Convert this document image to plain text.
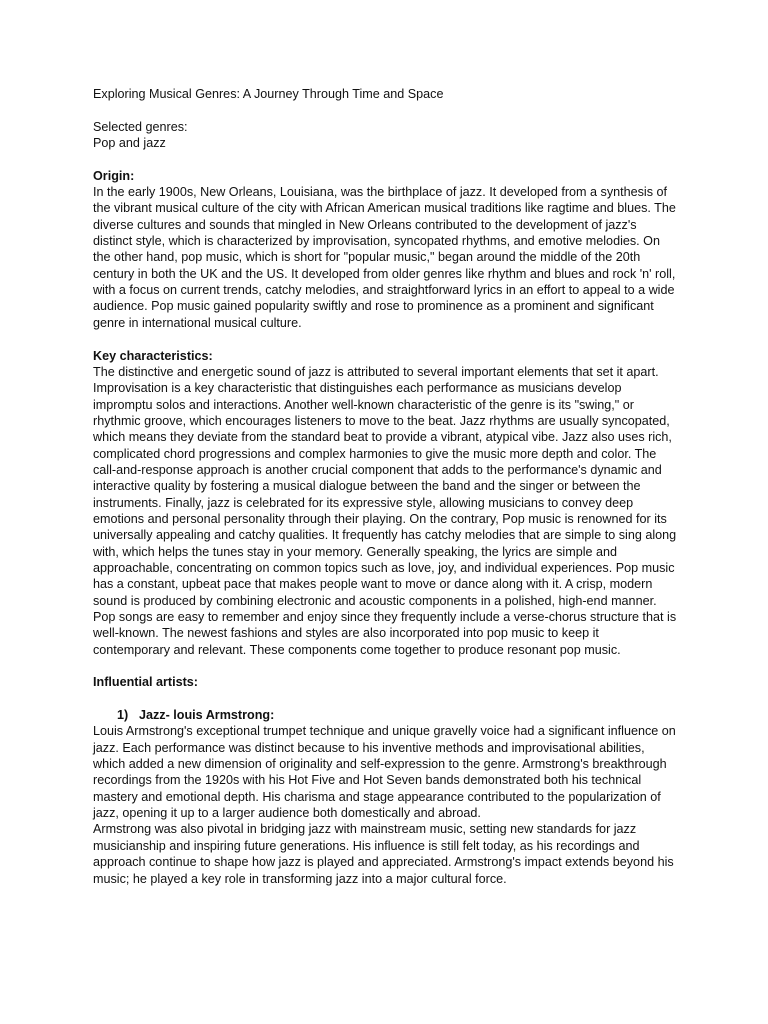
Exploring Musical Genres: A Journey Through Time and Space

Selected genres:

Pop and jazz

Origin:

In the early 1900s, New Orleans, Louisiana, was the birthplace of jazz. It developed from a synthesis of the vibrant musical culture of the city with African American musical traditions like ragtime and blues. The diverse cultures and sounds that mingled in New Orleans contributed to the development of jazz's distinct style, which is characterized by improvisation, syncopated rhythms, and emotive melodies. On the other hand, pop music, which is short for "popular music," began around the middle of the 20th century in both the UK and the US. It developed from older genres like rhythm and blues and rock 'n' roll, with a focus on current trends, catchy melodies, and straightforward lyrics in an effort to appeal to a wide audience. Pop music gained popularity swiftly and rose to prominence as a prominent and significant genre in international musical culture.

Key characteristics:

The distinctive and energetic sound of jazz is attributed to several important elements that set it apart. Improvisation is a key characteristic that distinguishes each performance as musicians develop impromptu solos and interactions. Another well-known characteristic of the genre is its "swing," or rhythmic groove, which encourages listeners to move to the beat. Jazz rhythms are usually syncopated, which means they deviate from the standard beat to provide a vibrant, atypical vibe. Jazz also uses rich, complicated chord progressions and complex harmonies to give the music more depth and color. The call-and-response approach is another crucial component that adds to the performance's dynamic and interactive quality by fostering a musical dialogue between the band and the singer or between the instruments. Finally, jazz is celebrated for its expressive style, allowing musicians to convey deep emotions and personal personality through their playing. On the contrary, Pop music is renowned for its universally appealing and catchy qualities. It frequently has catchy melodies that are simple to sing along with, which helps the tunes stay in your memory. Generally speaking, the lyrics are simple and approachable, concentrating on common topics such as love, joy, and individual experiences. Pop music has a constant, upbeat pace that makes people want to move or dance along with it. A crisp, modern sound is produced by combining electronic and acoustic components in a polished, high-end manner. Pop songs are easy to remember and enjoy since they frequently include a verse-chorus structure that is well-known. The newest fashions and styles are also incorporated into pop music to keep it contemporary and relevant. These components come together to produce resonant pop music.

Influential artists:

1) Jazz- louis Armstrong:

Louis Armstrong's exceptional trumpet technique and unique gravelly voice had a significant influence on jazz. Each performance was distinct because to his inventive methods and improvisational abilities, which added a new dimension of originality and self-expression to the genre. Armstrong's breakthrough recordings from the 1920s with his Hot Five and Hot Seven bands demonstrated both his technical mastery and emotional depth. His charisma and stage appearance contributed to the popularization of jazz, opening it up to a larger audience both domestically and abroad.

Armstrong was also pivotal in bridging jazz with mainstream music, setting new standards for jazz musicianship and inspiring future generations. His influence is still felt today, as his recordings and approach continue to shape how jazz is played and appreciated. Armstrong's impact extends beyond his music; he played a key role in transforming jazz into a major cultural force.
